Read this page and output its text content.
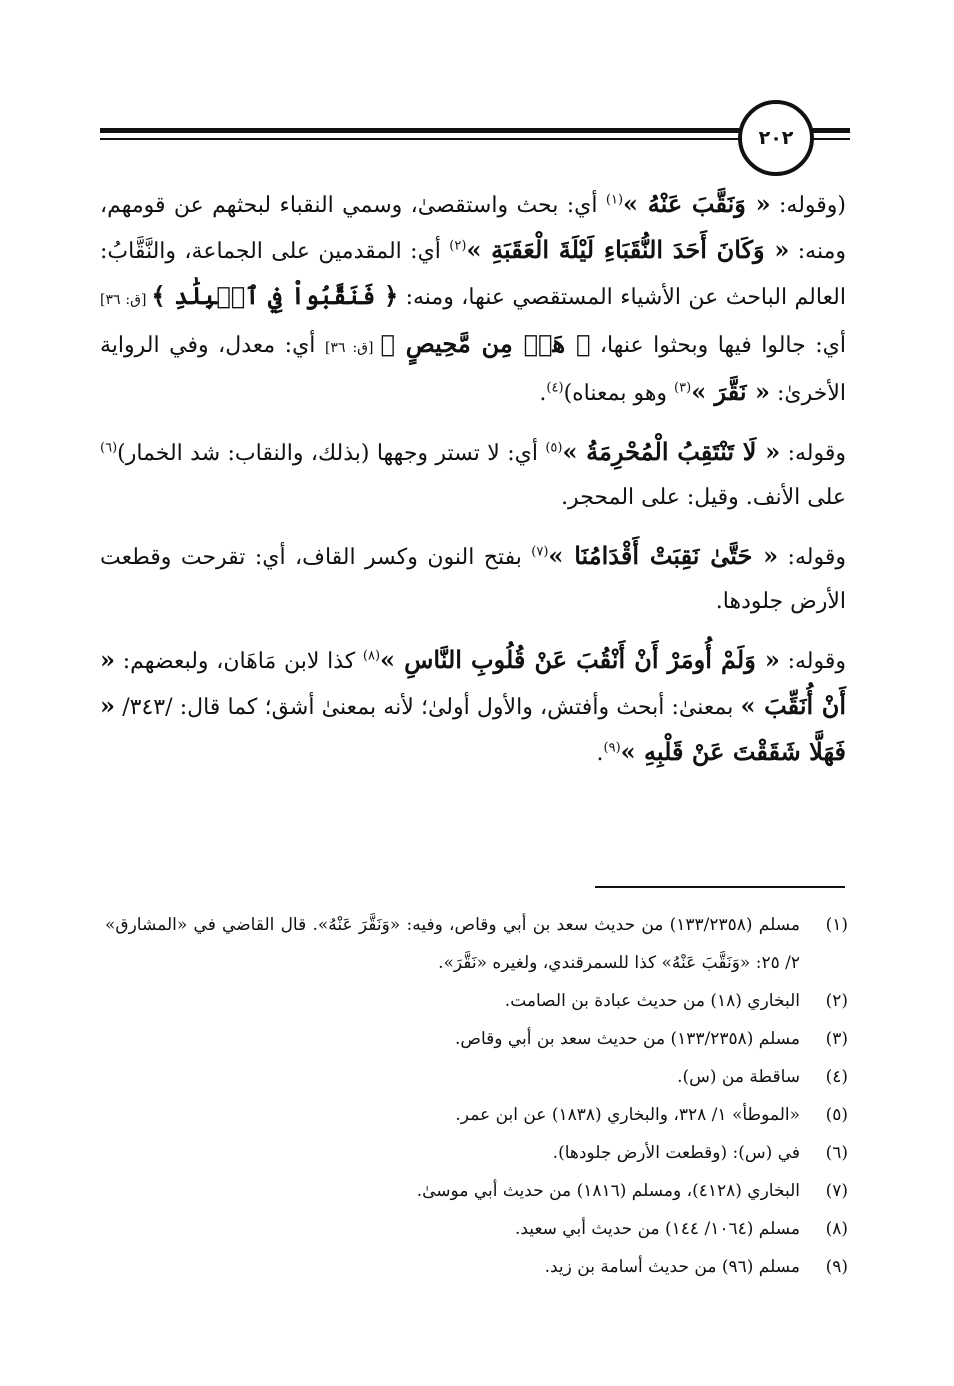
٢٠٢

(وقوله: « وَنَقَّبَ عَنْهُ »$^{(١)}$ أي: بحث واستقصىٰ، وسمي النقباء لبحثهم عن قومهم، ومنه: « وَكَانَ أَحَدَ النُّقَبَاءِ لَيْلَةَ الْعَقَبَةِ »$^{(٢)}$ أي: المقدمين على الجماعة، والنَّقَّابُ: العالم الباحث عن الأشياء المستقصي عنها، ومنه: ﴿ فَنَقَّبُواْ فِي ٱلۡبِلَٰدِ ﴾ [ق: ٣٦] أي: جالوا فيها وبحثوا عنها، ﴿ هَلۡ مِن مَّحِيصٍ ﴾ [ق: ٣٦] أي: معدل، وفي الرواية الأخرىٰ: « نَقَّرَ »$^{(٣)}$ وهو بمعناه)$^{(٤)}$.

وقوله: « لَا تَنْتَقِبُ الْمُحْرِمَةُ »$^{(٥)}$ أي: لا تستر وجهها (بذلك، والنقاب: شد الخمار)$^{(٦)}$ على الأنف. وقيل: على المحجر.

وقوله: « حَتَّىٰ نَقِبَتْ أَقْدَامُنَا »$^{(٧)}$ بفتح النون وكسر القاف، أي: تقرحت وقطعت الأرض جلودها.

وقوله: « وَلَمْ أُومَرْ أَنْ أَنْقُبَ عَنْ قُلُوبِ النَّاسِ »$^{(٨)}$ كذا لابن مَاهَان، ولبعضهم: « أَنْ أُنَقِّبَ » بمعنىٰ: أبحث وأفتش، والأول أولىٰ؛ لأنه بمعنىٰ أشق؛ كما قال: /٣٤٣/ « فَهَلَّا شَقَقْتَ عَنْ قَلْبِهِ »$^{(٩)}$.

(١)
مسلم (١٣٣/٢٣٥٨) من حديث سعد بن أبي وقاص، وفيه: «وَنَقَّرَ عَنْهُ». قال القاضي في «المشارق» ٢/ ٢٥: «وَنَقَّبَ عَنْهُ» كذا للسمرقندي، ولغيره «نَقَّرَ».
(٢)
البخاري (١٨) من حديث عبادة بن الصامت.
(٣)
مسلم (١٣٣/٢٣٥٨) من حديث سعد بن أبي وقاص.
(٤)
ساقطة من (س).
(٥)
«الموطأ» ١/ ٣٢٨، والبخاري (١٨٣٨) عن ابن عمر.
(٦)
في (س): (وقطعت الأرض جلودها).
(٧)
البخاري (٤١٢٨)، ومسلم (١٨١٦) من حديث أبي موسىٰ.
(٨)
مسلم (١٠٦٤/ ١٤٤) من حديث أبي سعيد.
(٩)
مسلم (٩٦) من حديث أسامة بن زيد.
